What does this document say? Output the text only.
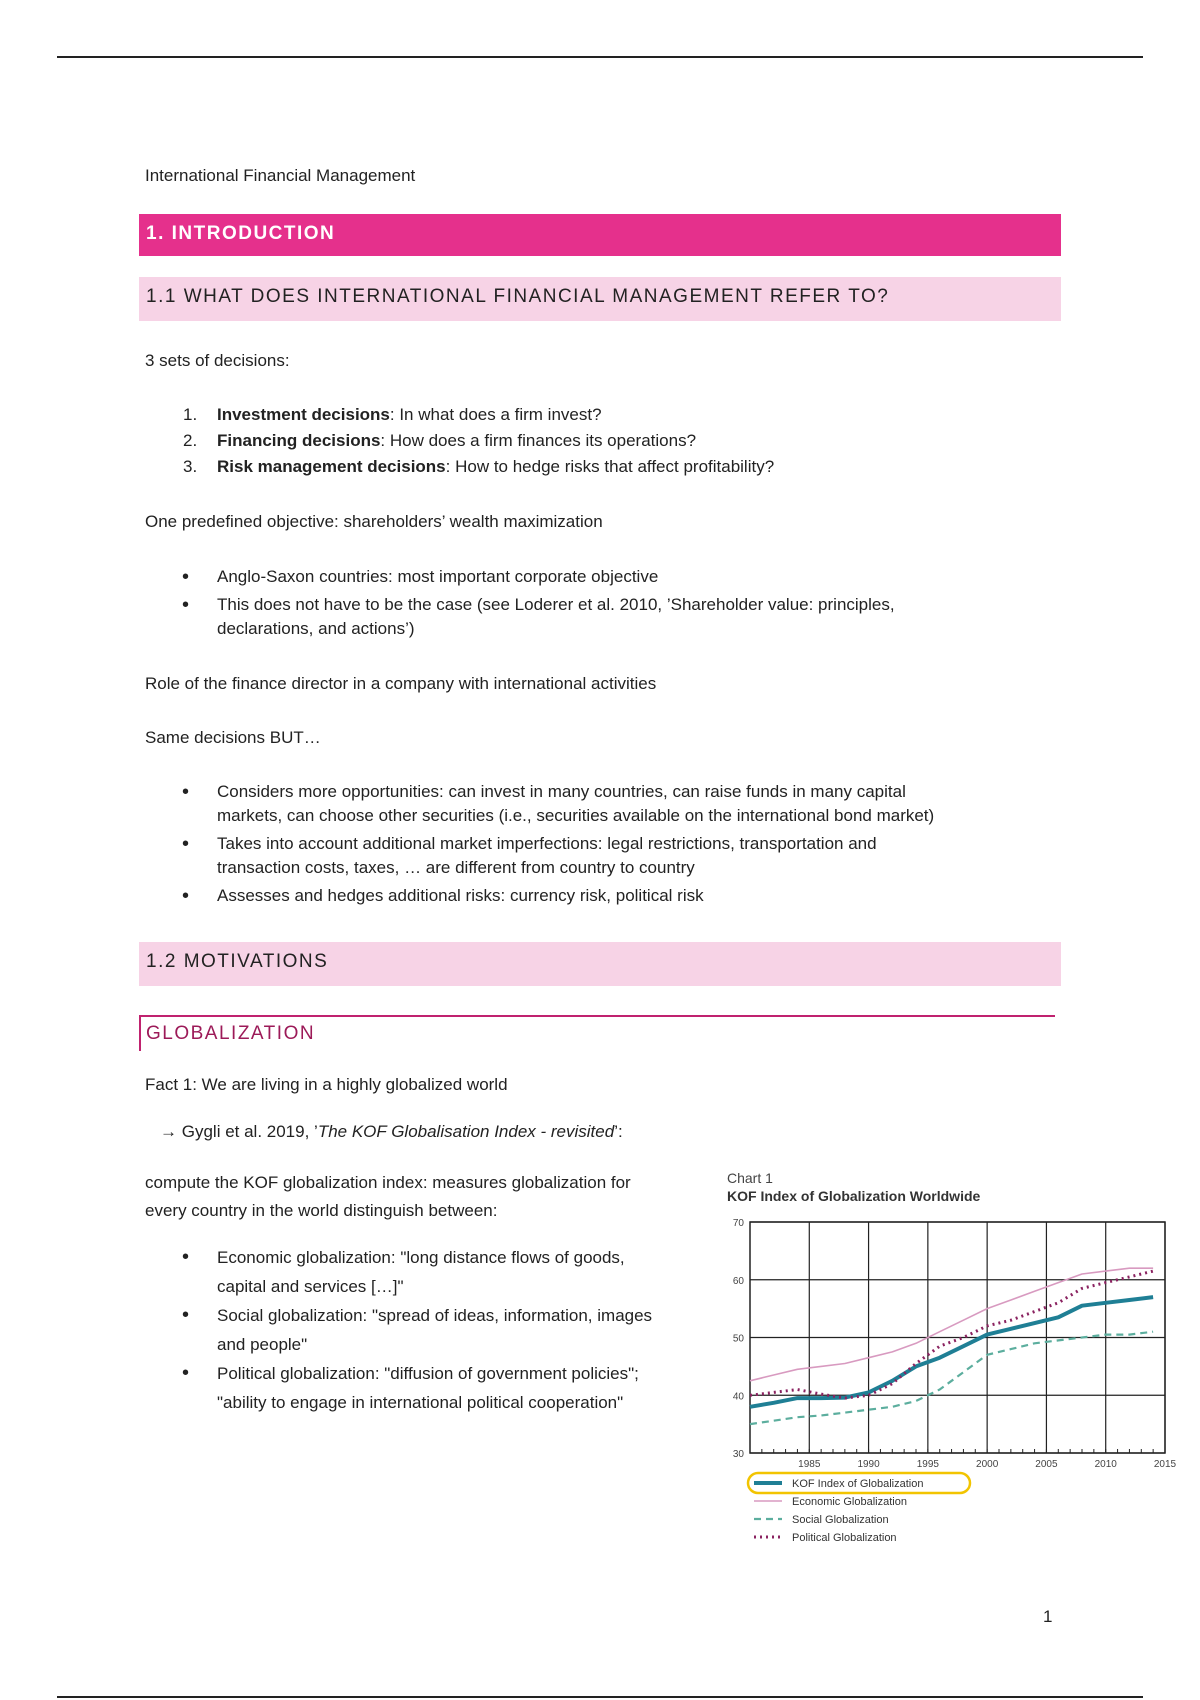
International Financial Management
1. INTRODUCTION
1.1 WHAT DOES INTERNATIONAL FINANCIAL MANAGEMENT REFER TO?
3 sets of decisions:
1.	Investment decisions: In what does a firm invest?
2.	Financing decisions: How does a firm finances its operations?
3.	Risk management decisions: How to hedge risks that affect profitability?
One predefined objective: shareholders’ wealth maximization
•	Anglo-Saxon countries: most important corporate objective
•	This does not have to be the case (see Loderer et al. 2010, ’Shareholder value: principles,
declarations, and actions’)
Role of the finance director in a company with international activities
Same decisions BUT…
•	Considers more opportunities: can invest in many countries, can raise funds in many capital
markets, can choose other securities (i.e., securities available on the international bond market)
•	Takes into account additional market imperfections: legal restrictions, transportation and
transaction costs, taxes, … are different from country to country
•	Assesses and hedges additional risks: currency risk, political risk
1.2 MOTIVATIONS
GLOBALIZATION
Fact 1: We are living in a highly globalized world
→ Gygli et al. 2019, ’The KOF Globalisation Index - revisited’:
compute the KOF globalization index: measures globalization for
every country in the world distinguish between:
•	Economic globalization: "long distance flows of goods,
capital and services […]"
•	Social globalization: "spread of ideas, information, images
and people"
•	Political globalization: "diffusion of government policies";
"ability to engage in international political cooperation"
Chart 1
KOF Index of Globalization Worldwide
30
40
50
60
70
1985	1990	1995	2000	2005	2010	2015
KOF Index of Globalization
Economic Globalization
Social Globalization
Political Globalization
1
